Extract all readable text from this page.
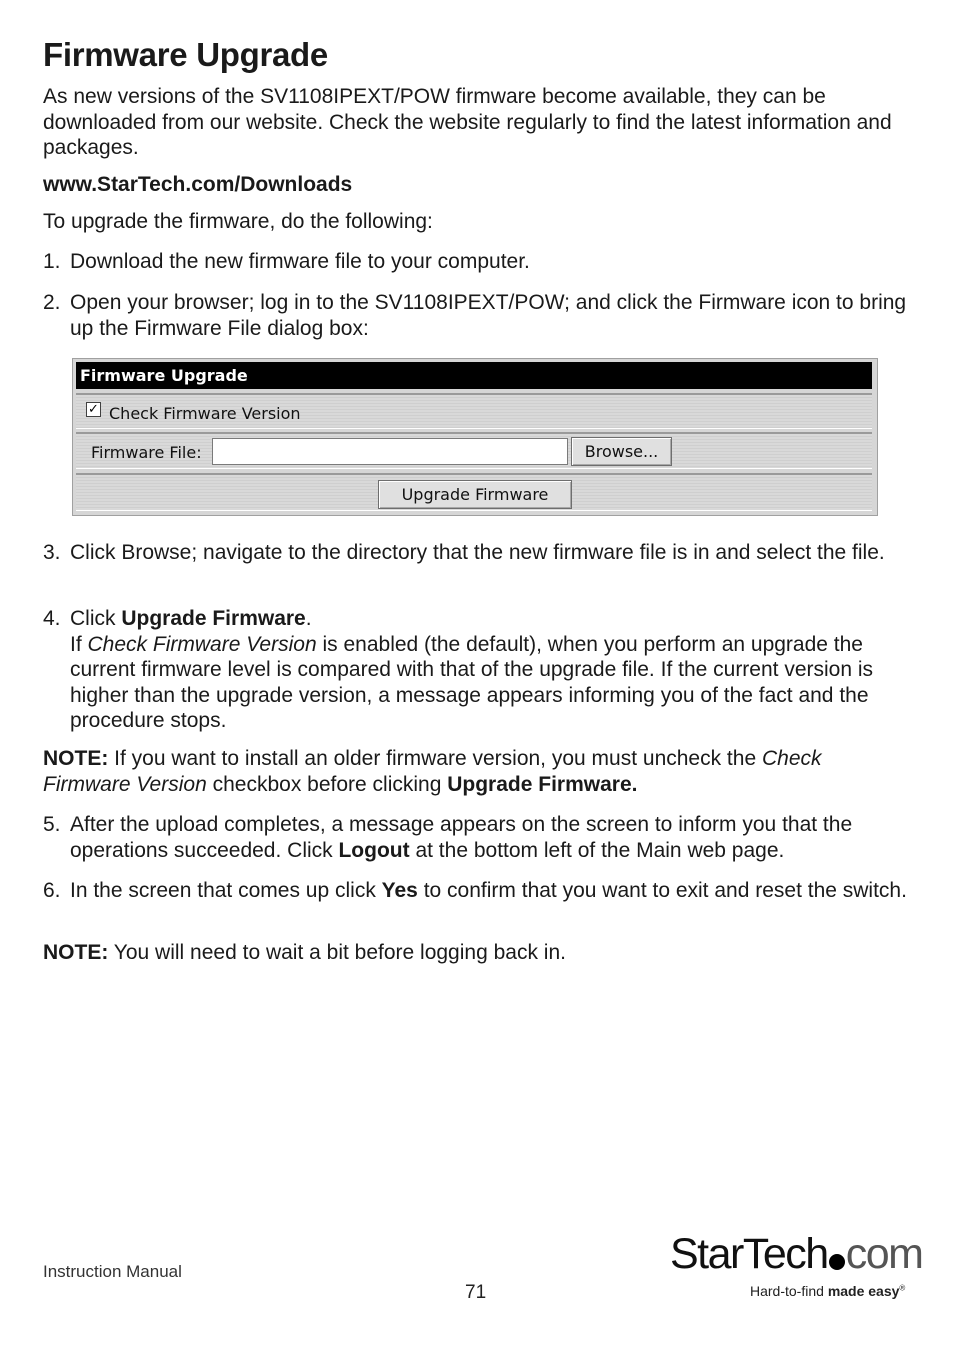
Firmware Upgrade

As new versions of the SV1108IPEXT/POW firmware become available, they can be downloaded from our website. Check the website regularly to find the latest information and packages.

www.StarTech.com/Downloads

To upgrade the firmware, do the following:

1. Download the new firmware file to your computer.
2. Open your browser; log in to the SV1108IPEXT/POW; and click the Firmware icon to bring up the Firmware File dialog box:
Firmware Upgrade
✓ Check Firmware Version
Firmware File:	Browse...
Upgrade Firmware
3. Click Browse; navigate to the directory that the new firmware file is in and select the file.
4. Click Upgrade Firmware.
If Check Firmware Version is enabled (the default), when you perform an upgrade the current firmware level is compared with that of the upgrade file. If the current version is higher than the upgrade version, a message appears informing you of the fact and the procedure stops.

NOTE: If you want to install an older firmware version, you must uncheck the Check Firmware Version checkbox before clicking Upgrade Firmware.

5. After the upload completes, a message appears on the screen to inform you that the operations succeeded. Click Logout at the bottom left of the Main web page.
6. In the screen that comes up click Yes to confirm that you want to exit and reset the switch.

NOTE: You will need to wait a bit before logging back in.

Instruction Manual
71
StarTech com
Hard-to-find made easy®
